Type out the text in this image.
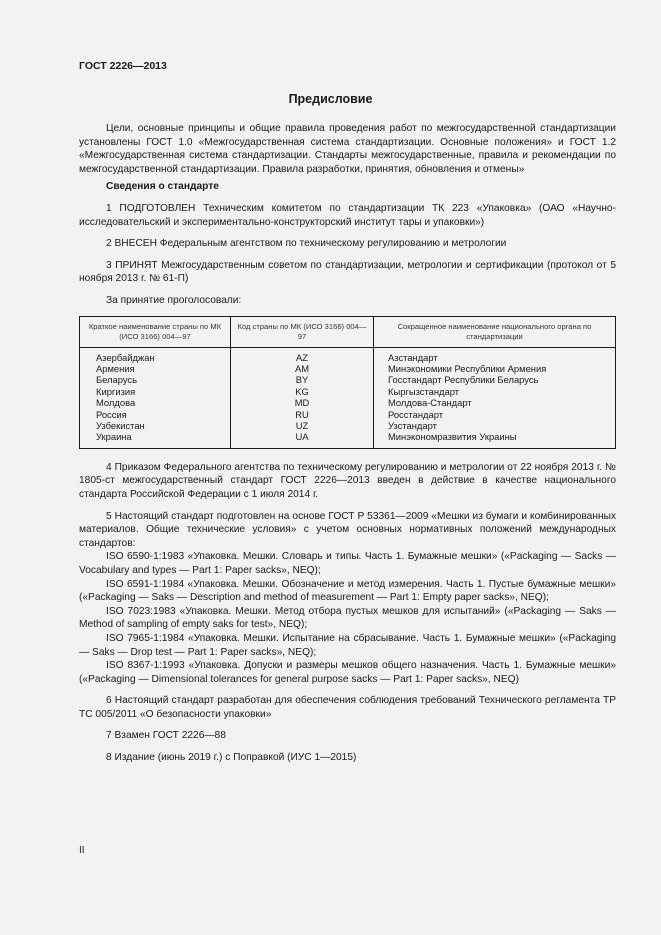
ГОСТ 2226—2013
Предисловие

Цели, основные принципы и общие правила проведения работ по межгосударственной стандартизации установлены ГОСТ 1.0 «Межгосударственная система стандартизации. Основные положения» и ГОСТ 1.2 «Межгосударственная система стандартизации. Стандарты межгосударственные, правила и рекомендации по межгосударственной стандартизации. Правила разработки, принятия, обновления и отмены»

Сведения о стандарте

1 ПОДГОТОВЛЕН Техническим комитетом по стандартизации ТК 223 «Упаковка» (ОАО «Научно-исследовательский и экспериментально-конструкторский институт тары и упаковки»)

2 ВНЕСЕН Федеральным агентством по техническому регулированию и метрологии

3 ПРИНЯТ Межгосударственным советом по стандартизации, метрологии и сертификации (протокол от 5 ноября 2013 г. № 61-П)

За принятие проголосовали:

Краткое наименование страны по МК (ИСО 3166) 004—97	Код страны по МК (ИСО 3166) 004—97	Сокращенное наименование национального органа по стандартизации
Азербайджан	AZ	Азстандарт
Армения	AM	Минэкономики Республики Армения
Беларусь	BY	Госстандарт Республики Беларусь
Киргизия	KG	Кыргызстандарт
Молдова	MD	Молдова-Стандарт
Россия	RU	Росстандарт
Узбекистан	UZ	Узстандарт
Украина	UA	Минэкономразвития Украины

4 Приказом Федерального агентства по техническому регулированию и метрологии от 22 ноября 2013 г. № 1805-ст межгосударственный стандарт ГОСТ 2226—2013 введен в действие в качестве национального стандарта Российской Федерации с 1 июля 2014 г.

5 Настоящий стандарт подготовлен на основе ГОСТ Р 53361—2009 «Мешки из бумаги и комбинированных материалов. Общие технические условия» с учетом основных нормативных положений международных стандартов:

ISO 6590-1:1983 «Упаковка. Мешки. Словарь и типы. Часть 1. Бумажные мешки» («Packaging — Sacks — Vocabulary and types — Part 1: Paper sacks», NEQ);

ISO 6591-1:1984 «Упаковка. Мешки. Обозначение и метод измерения. Часть 1. Пустые бумажные мешки» («Packaging — Saks — Description and method of measurement — Part 1: Empty paper sacks», NEQ);

ISO 7023:1983 «Упаковка. Мешки. Метод отбора пустых мешков для испытаний» («Packaging — Saks — Method of sampling of empty saks for test», NEQ);

ISO 7965-1:1984 «Упаковка. Мешки. Испытание на сбрасывание. Часть 1. Бумажные мешки» («Packaging — Saks — Drop test — Part 1: Paper sacks», NEQ);

ISO 8367-1:1993 «Упаковка. Допуски и размеры мешков общего назначения. Часть 1. Бумажные мешки» («Packaging — Dimensional tolerances for general purpose sacks — Part 1: Paper sacks», NEQ)

6 Настоящий стандарт разработан для обеспечения соблюдения требований Технического регламента ТР ТС 005/2011 «О безопасности упаковки»

7 Взамен ГОСТ 2226—88

8 Издание (июнь 2019 г.) с Поправкой (ИУС 1—2015)

II
